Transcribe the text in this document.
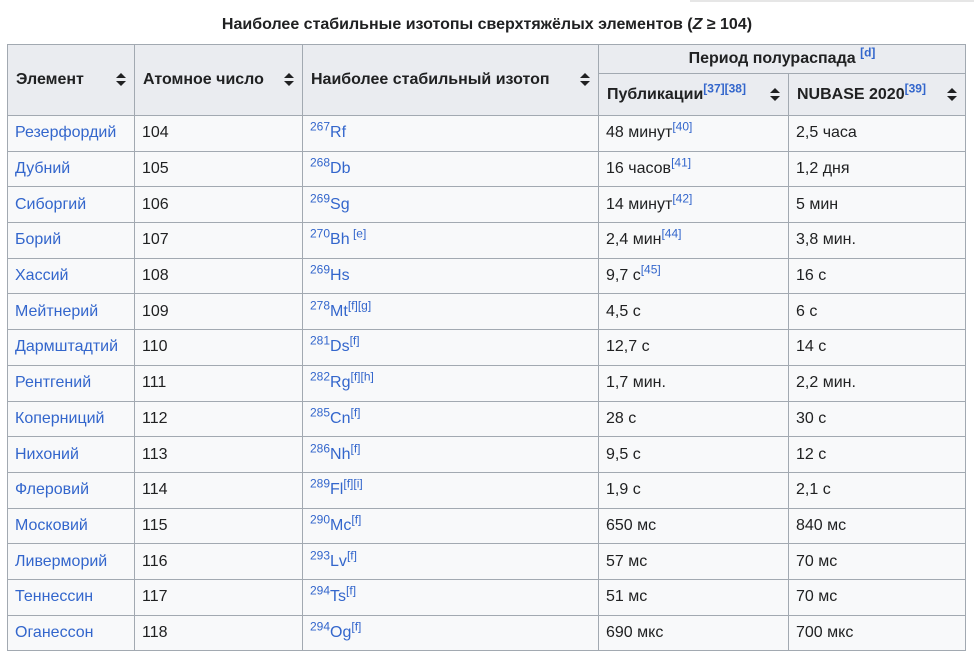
Наиболее стабильные изотопы сверхтяжёлых элементов (Z ≥ 104)
Элемент	Атомное число	Наиболее стабильный изотоп	Период полураспада [d]

			Публикации[37][38]	NUBASE 2020[39]

Резерфордий	104	$^{267}$Rf	48 минут[40]	2,5 часа
Дубний	105	$^{268}$Db	16 часов[41]	1,2 дня
Сиборгий	106	$^{269}$Sg	14 минут[42]	5 мин
Борий	107	$^{270}$Bh [e]	2,4 мин[44]	3,8 мин.
Хассий	108	$^{269}$Hs	9,7 с[45]	16 с
Мейтнерий	109	$^{278}$Mt[f][g]	4,5 с	6 с
Дармштадтий	110	$^{281}$Ds[f]	12,7 с	14 с
Рентгений	111	$^{282}$Rg[f][h]	1,7 мин.	2,2 мин.
Коперниций	112	$^{285}$Cn[f]	28 с	30 с
Нихоний	113	$^{286}$Nh[f]	9,5 с	12 с
Флеровий	114	$^{289}$Fl[f][i]	1,9 с	2,1 с
Московий	115	$^{290}$Mc[f]	650 мс	840 мс
Ливерморий	116	$^{293}$Lv[f]	57 мс	70 мс
Теннессин	117	$^{294}$Ts[f]	51 мс	70 мс
Оганессон	118	$^{294}$Og[f]	690 мкс	700 мкс
